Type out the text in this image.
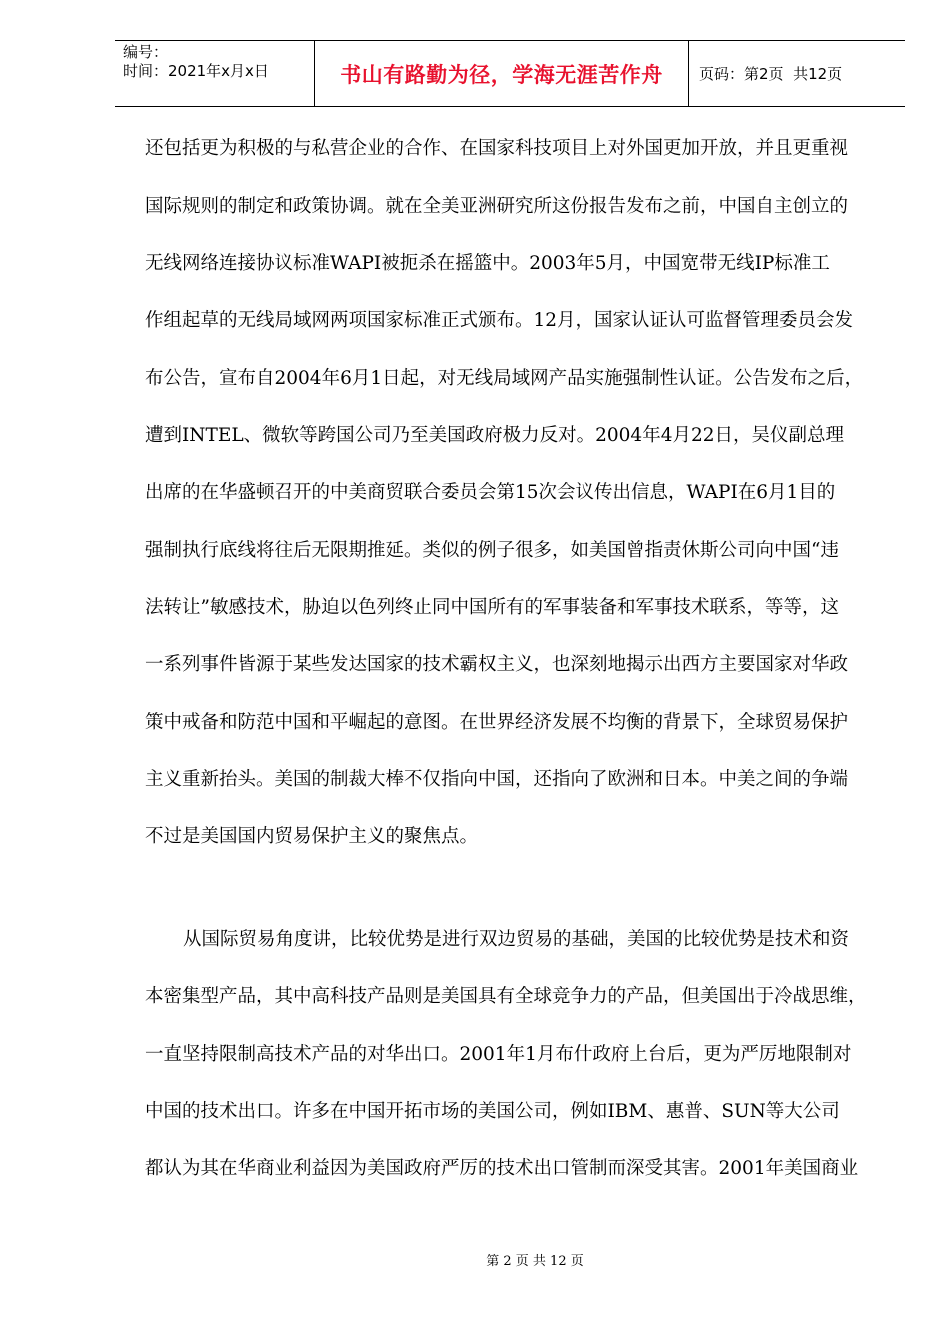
编号：
时间：2021年x月x日	书山有路勤为径，学海无涯苦作舟	页码：第2页  共12页
还包括更为积极的与私营企业的合作、在国家科技项目上对外国更加开放，并且更重视
国际规则的制定和政策协调。就在全美亚洲研究所这份报告发布之前，中国自主创立的
无线网络连接协议标准WAPI被扼杀在摇篮中。2003年5月，中国宽带无线IP标准工
作组起草的无线局域网两项国家标准正式颁布。12月，国家认证认可监督管理委员会发
布公告，宣布自2004年6月1日起，对无线局域网产品实施强制性认证。公告发布之后，
遭到INTEL、微软等跨国公司乃至美国政府极力反对。2004年4月22日，吴仪副总理
出席的在华盛顿召开的中美商贸联合委员会第15次会议传出信息，WAPI在6月1目的
强制执行底线将往后无限期推延。类似的例子很多，如美国曾指责休斯公司向中国“违
法转让”敏感技术，胁迫以色列终止同中国所有的军事装备和军事技术联系，等等，这
一系列事件皆源于某些发达国家的技术霸权主义，也深刻地揭示出西方主要国家对华政
策中戒备和防范中国和平崛起的意图。在世界经济发展不均衡的背景下，全球贸易保护
主义重新抬头。美国的制裁大棒不仅指向中国，还指向了欧洲和日本。中美之间的争端
不过是美国国内贸易保护主义的聚焦点。
从国际贸易角度讲，比较优势是进行双边贸易的基础，美国的比较优势是技术和资
本密集型产品，其中高科技产品则是美国具有全球竞争力的产品，但美国出于冷战思维，
一直坚持限制高技术产品的对华出口。2001年1月布什政府上台后，更为严厉地限制对
中国的技术出口。许多在中国开拓市场的美国公司，例如IBM、惠普、SUN等大公司
都认为其在华商业利益因为美国政府严厉的技术出口管制而深受其害。2001年美国商业
第 2 页 共 12 页
